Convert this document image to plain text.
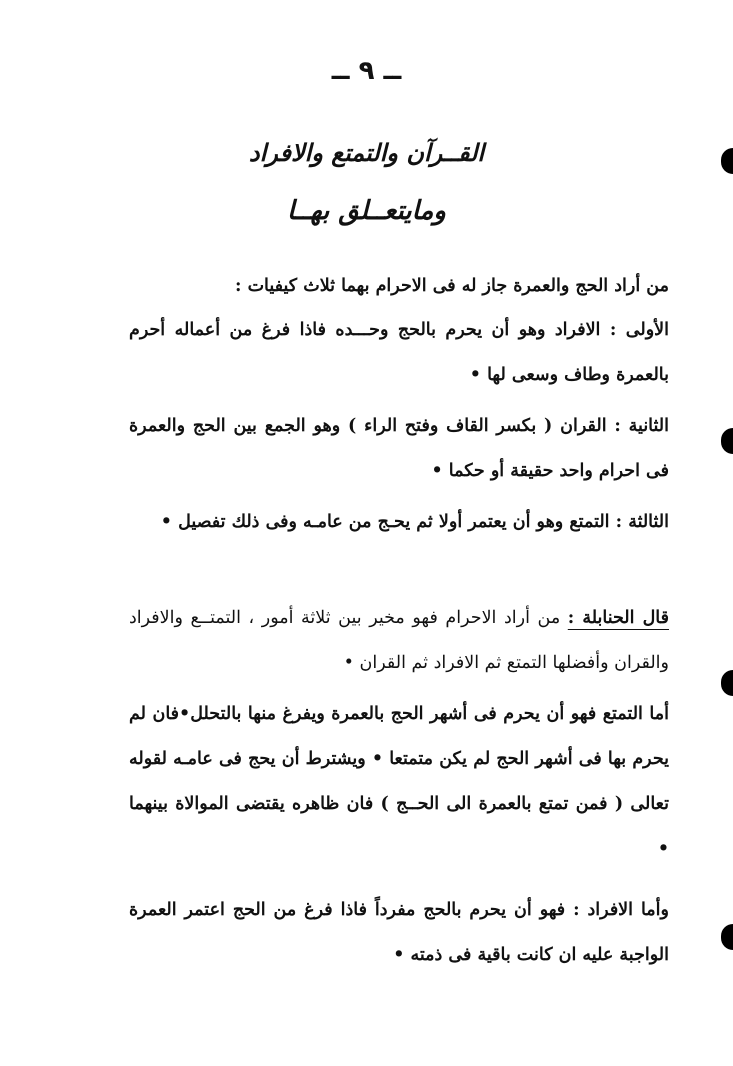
ــ ٩ ــ
القــرآن والتمتع والافراد
ومايتعــلق بهــا
من أراد الحج والعمرة جاز له فى الاحرام بهما ثلاث كيفيات :
الأولى : الافراد وهو أن يحرم بالحج وحـــده فاذا فرغ من أعماله أحرم بالعمرة وطاف وسعى لها •
الثانية : القران ( بكسر القاف وفتح الراء ) وهو الجمع بين الحج والعمرة فى احرام واحد حقيقة أو حكما •
الثالثة : التمتع وهو أن يعتمر أولا ثم يحـج من عامـه وفى ذلك تفصيل •
قال الحنابلة : من أراد الاحرام فهو مخير بين ثلاثة أمور ، التمتــع والافراد والقران وأفضلها التمتع ثم الافراد ثم القران •
أما التمتع فهو أن يحرم فى أشهر الحج بالعمرة ويفرغ منها بالتحلل•فان لم يحرم بها فى أشهر الحج لم يكن متمتعا • ويشترط أن يحج فى عامـه لقوله تعالى ( فمن تمتع بالعمرة الى الحــج ) فان ظاهره يقتضى الموالاة بينهما •
وأما الافراد : فهو أن يحرم بالحج مفرداً فاذا فرغ من الحج اعتمر العمرة الواجبة عليه ان كانت باقية فى ذمته •
